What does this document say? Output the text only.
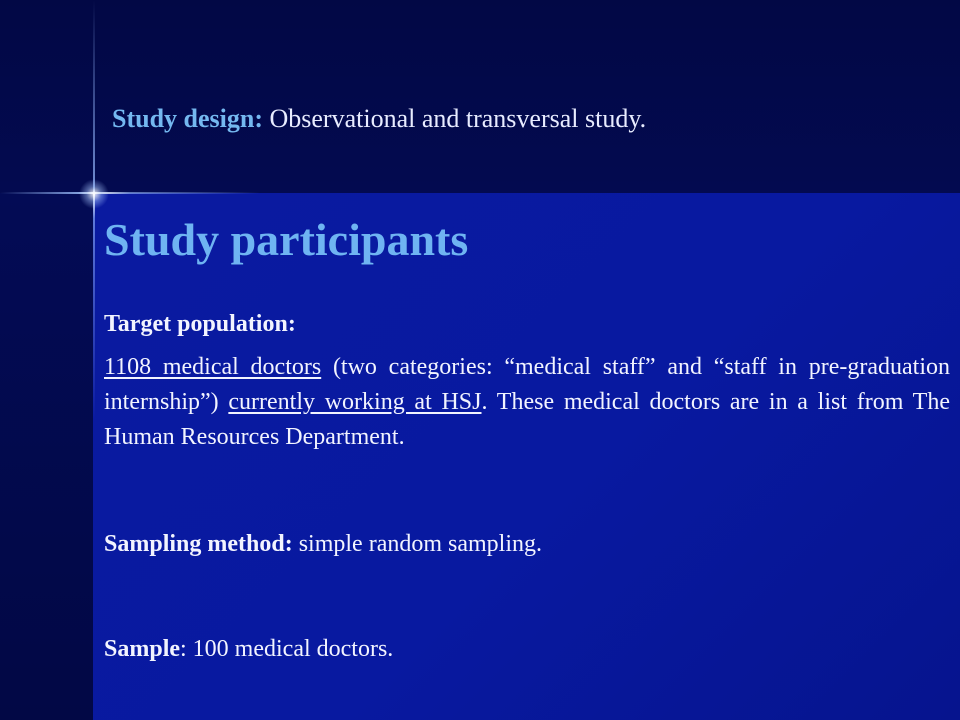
Study design: Observational and transversal study.
Study participants
Target population:
1108 medical doctors (two categories: “medical staff” and “staff in pre-graduation internship”) currently working at HSJ. These medical doctors are in a list from The Human Resources Department.
Sampling method: simple random sampling.
Sample: 100 medical doctors.
